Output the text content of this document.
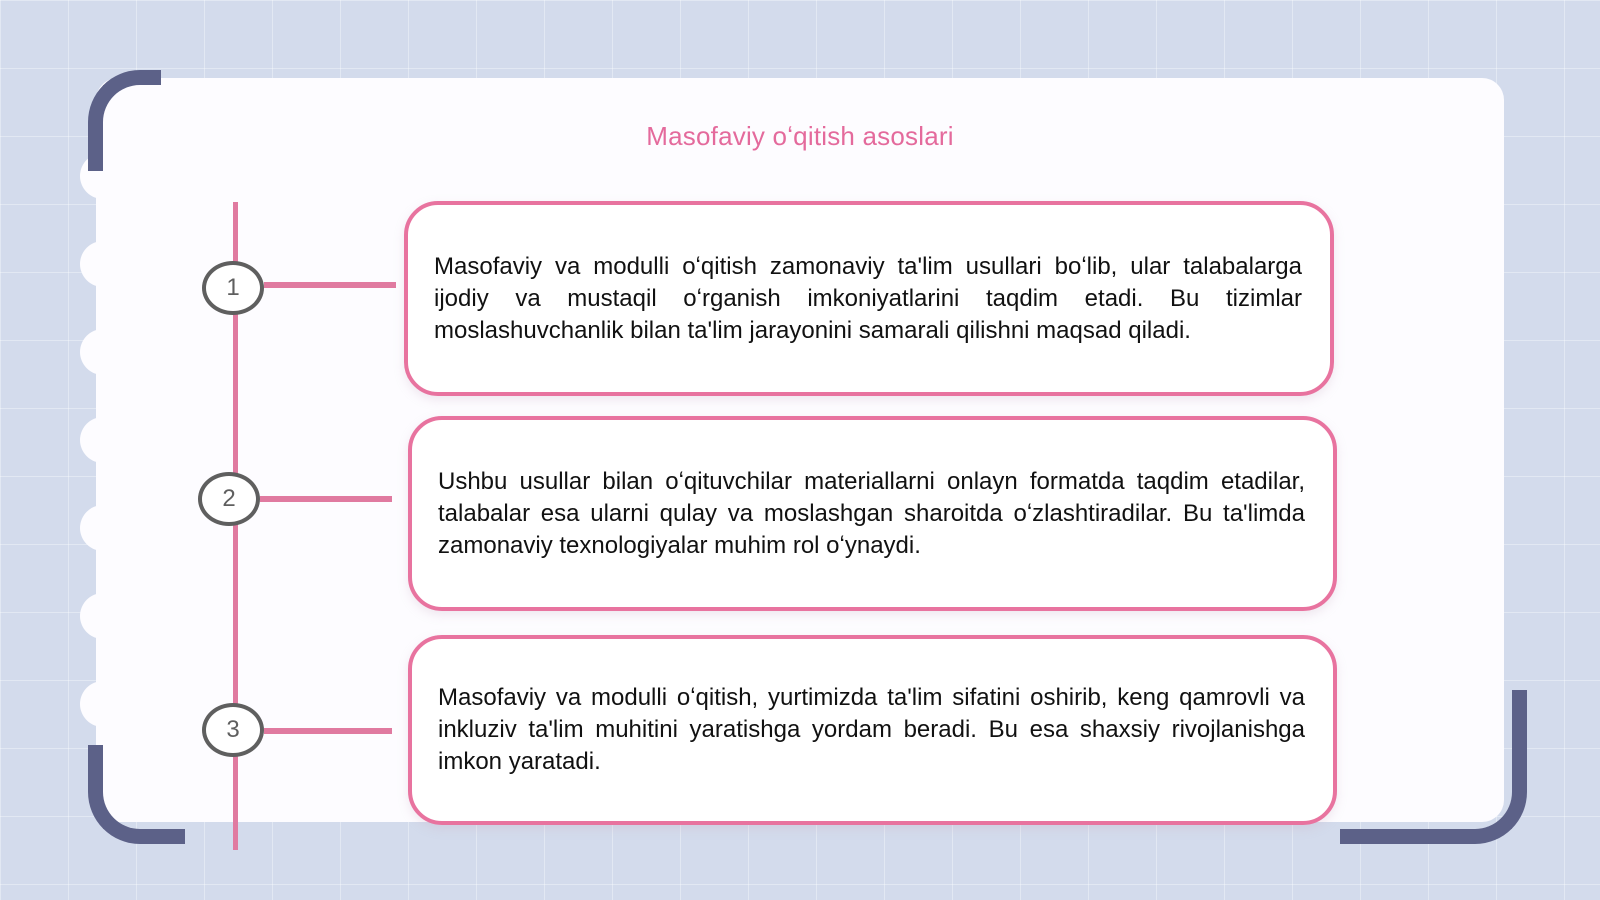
Masofaviy oʻqitish asoslari
1

Masofaviy va modulli oʻqitish zamonaviy ta'lim usullari boʻlib, ular talabalarga ijodiy va mustaqil oʻrganish imkoniyatlarini taqdim etadi. Bu tizimlar moslashuvchanlik bilan ta'lim jarayonini samarali qilishni maqsad qiladi.

2

Ushbu usullar bilan oʻqituvchilar materiallarni onlayn formatda taqdim etadilar, talabalar esa ularni qulay va moslashgan sharoitda oʻzlashtiradilar. Bu ta'limda zamonaviy texnologiyalar muhim rol oʻynaydi.

3

Masofaviy va modulli oʻqitish, yurtimizda ta'lim sifatini oshirib, keng qamrovli va inkluziv ta'lim muhitini yaratishga yordam beradi. Bu esa shaxsiy rivojlanishga imkon yaratadi.
